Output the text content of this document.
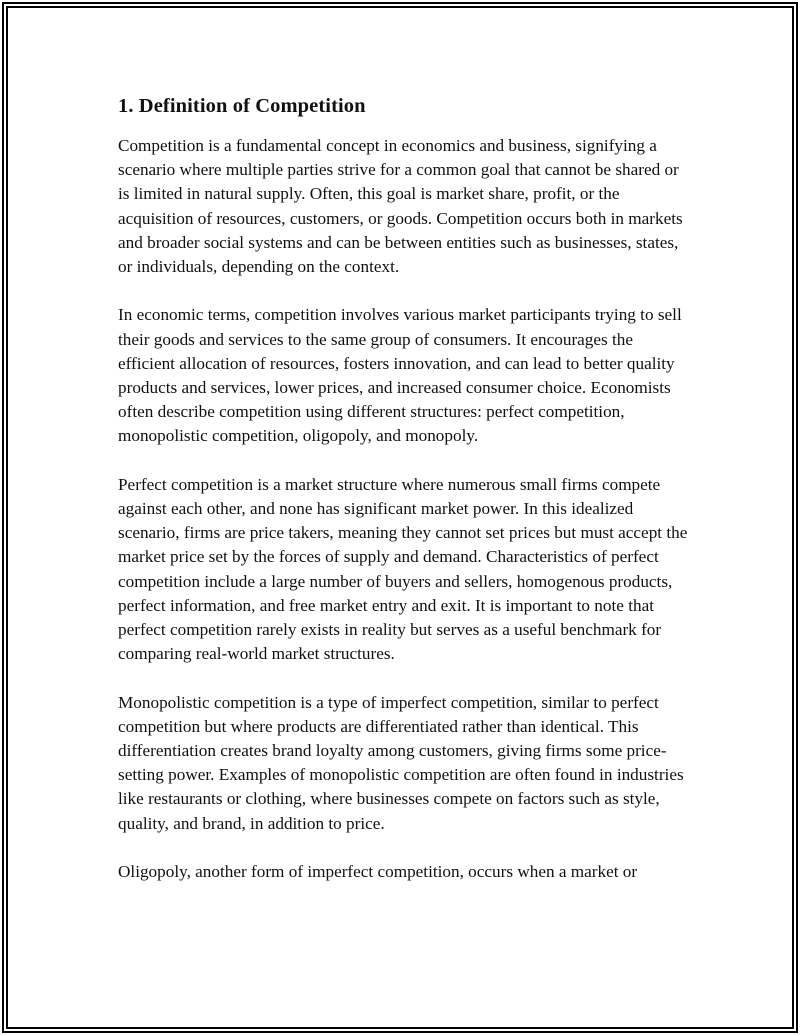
1. Definition of Competition

Competition is a fundamental concept in economics and business, signifying a scenario where multiple parties strive for a common goal that cannot be shared or is limited in natural supply. Often, this goal is market share, profit, or the acquisition of resources, customers, or goods. Competition occurs both in markets and broader social systems and can be between entities such as businesses, states, or individuals, depending on the context.

In economic terms, competition involves various market participants trying to sell their goods and services to the same group of consumers. It encourages the efficient allocation of resources, fosters innovation, and can lead to better quality products and services, lower prices, and increased consumer choice. Economists often describe competition using different structures: perfect competition, monopolistic competition, oligopoly, and monopoly.

Perfect competition is a market structure where numerous small firms compete against each other, and none has significant market power. In this idealized scenario, firms are price takers, meaning they cannot set prices but must accept the market price set by the forces of supply and demand. Characteristics of perfect competition include a large number of buyers and sellers, homogenous products, perfect information, and free market entry and exit. It is important to note that perfect competition rarely exists in reality but serves as a useful benchmark for comparing real-world market structures.

Monopolistic competition is a type of imperfect competition, similar to perfect competition but where products are differentiated rather than identical. This differentiation creates brand loyalty among customers, giving firms some price-setting power. Examples of monopolistic competition are often found in industries like restaurants or clothing, where businesses compete on factors such as style, quality, and brand, in addition to price.

Oligopoly, another form of imperfect competition, occurs when a market or
